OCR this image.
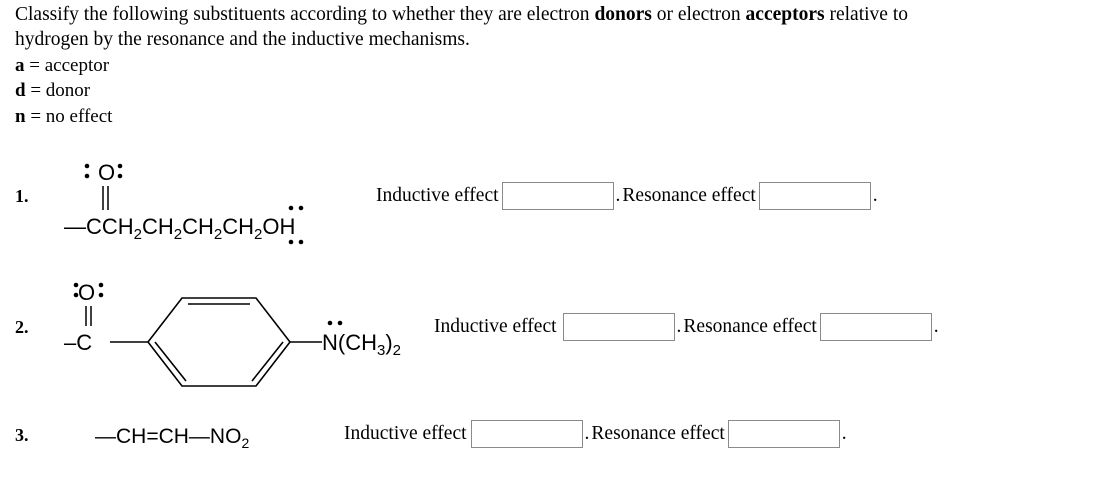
Classify the following substituents according to whether they are electron donors or electron acceptors relative to
hydrogen by the resonance and the inductive mechanisms.
a = acceptor
d = donor
n = no effect
1.
O
$—CCH_2CH_2CH_2CH_2OH$
Inductive effect	. Resonance effect	.
2.
O
–C	$N(CH_3)_2$
Inductive effect	. Resonance effect	.
3.	$—CH=CH—NO_2$	Inductive effect	. Resonance effect	.
